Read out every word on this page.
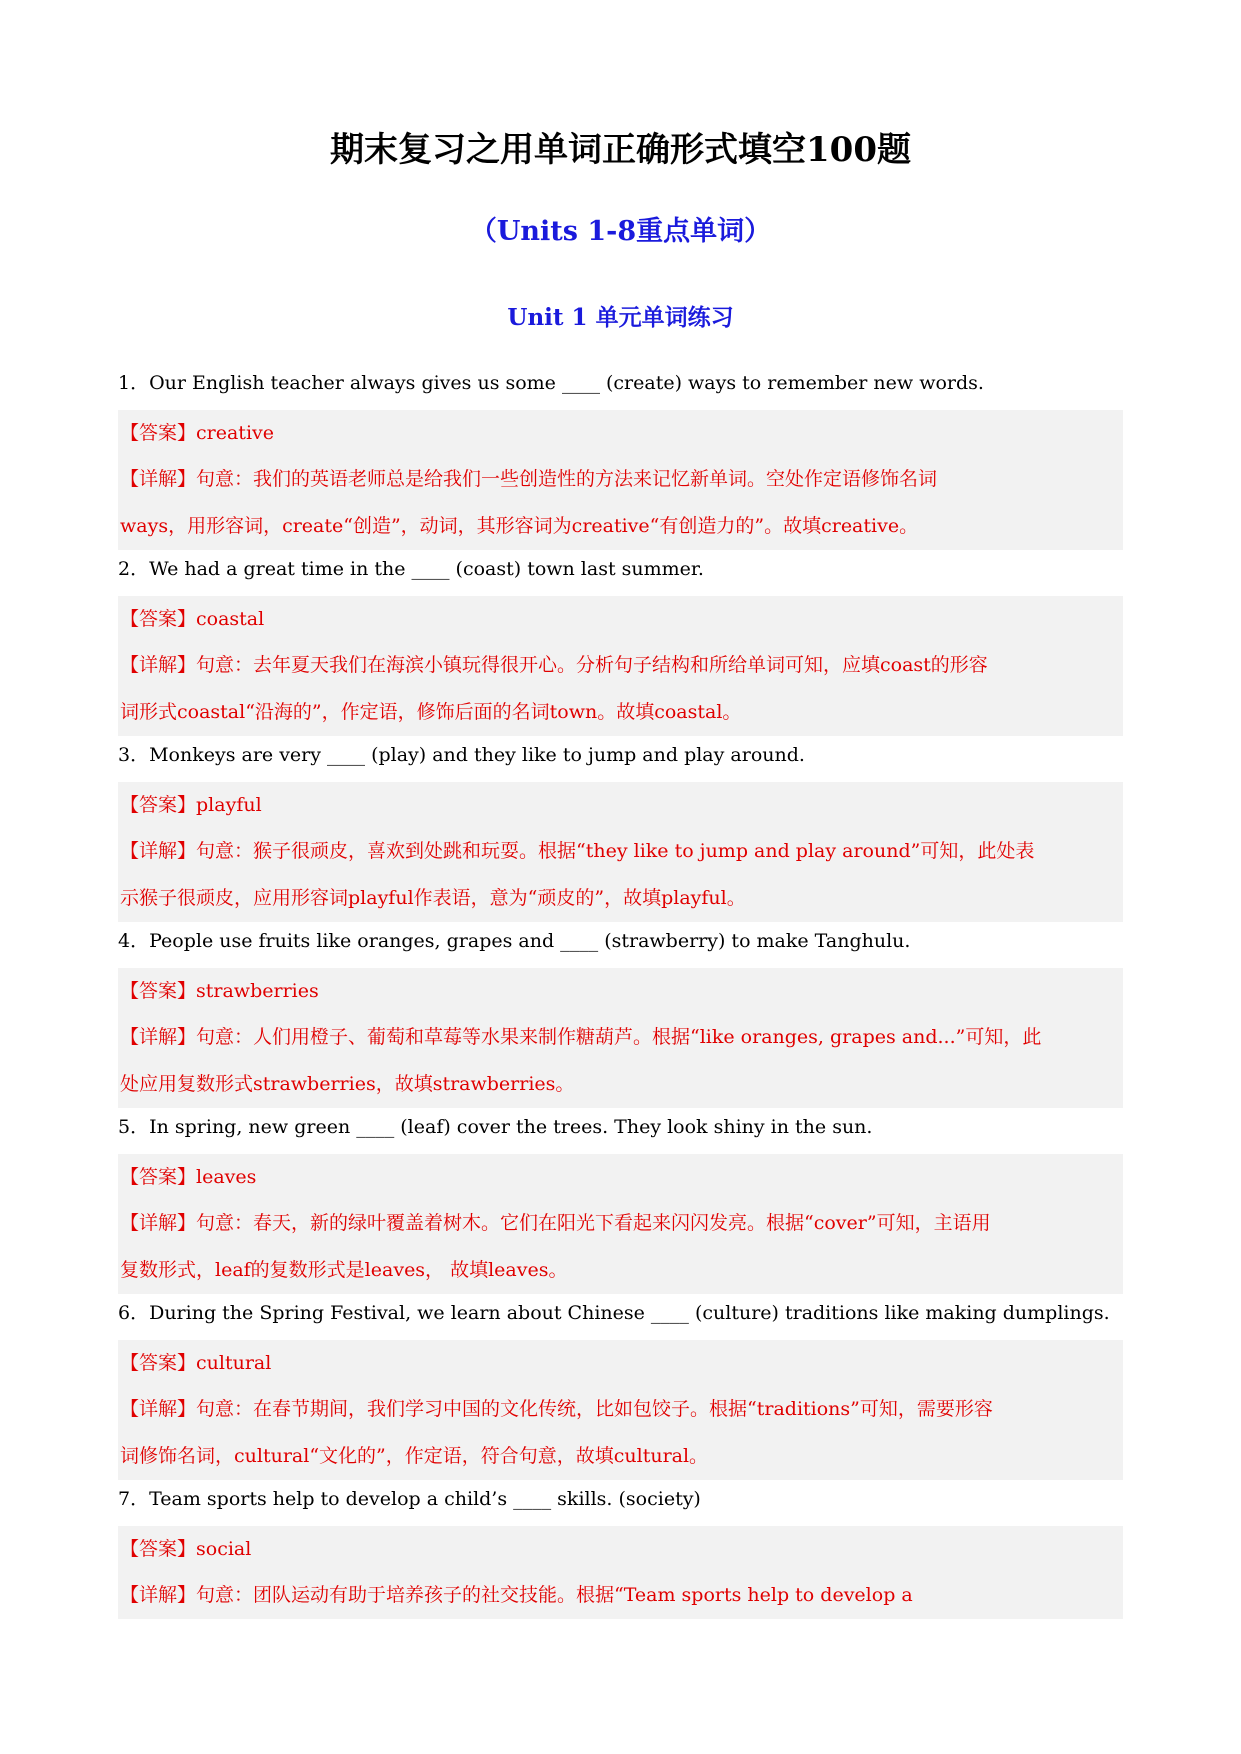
期末复习之用单词正确形式填空100题
（Units 1-8重点单词）
Unit 1 单元单词练习
1．Our English teacher always gives us some ____ (create) ways to remember new words.
【答案】creative
【详解】句意：我们的英语老师总是给我们一些创造性的方法来记忆新单词。空处作定语修饰名词
ways，用形容词，create“创造”，动词，其形容词为creative“有创造力的”。故填creative。
2．We had a great time in the ____ (coast) town last summer.
【答案】coastal
【详解】句意：去年夏天我们在海滨小镇玩得很开心。分析句子结构和所给单词可知，应填coast的形容
词形式coastal“沿海的”，作定语，修饰后面的名词town。故填coastal。
3．Monkeys are very ____ (play) and they like to jump and play around.
【答案】playful
【详解】句意：猴子很顽皮，喜欢到处跳和玩耍。根据“they like to jump and play around”可知，此处表
示猴子很顽皮，应用形容词playful作表语，意为“顽皮的”，故填playful。
4．People use fruits like oranges, grapes and ____ (strawberry) to make Tanghulu.
【答案】strawberries
【详解】句意：人们用橙子、葡萄和草莓等水果来制作糖葫芦。根据“like oranges, grapes and...”可知，此
处应用复数形式strawberries，故填strawberries。
5．In spring, new green ____ (leaf) cover the trees. They look shiny in the sun.
【答案】leaves
【详解】句意：春天，新的绿叶覆盖着树木。它们在阳光下看起来闪闪发亮。根据“cover”可知，主语用
复数形式，leaf的复数形式是leaves， 故填leaves。
6．During the Spring Festival, we learn about Chinese ____ (culture) traditions like making dumplings.
【答案】cultural
【详解】句意：在春节期间，我们学习中国的文化传统，比如包饺子。根据“traditions”可知，需要形容
词修饰名词，cultural“文化的”，作定语，符合句意，故填cultural。
7．Team sports help to develop a child’s ____ skills. (society)
【答案】social
【详解】句意：团队运动有助于培养孩子的社交技能。根据“Team sports help to develop a
